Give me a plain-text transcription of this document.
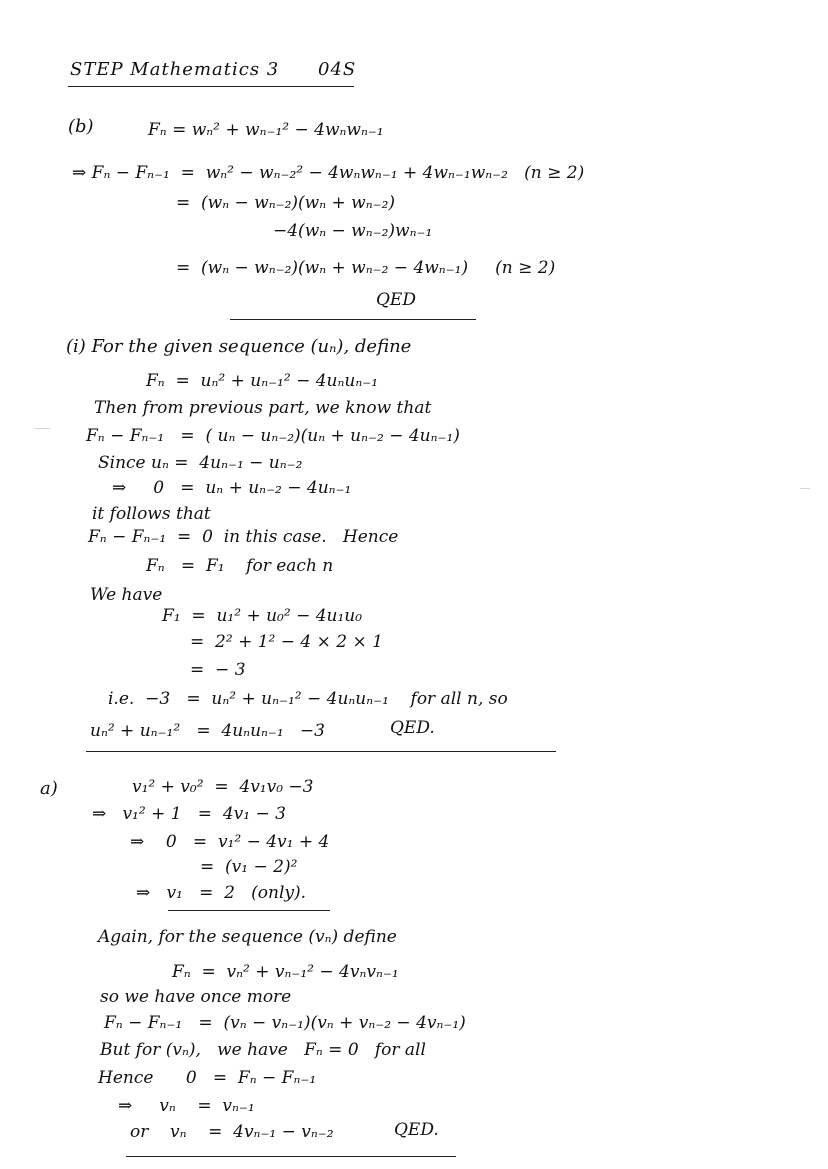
STEP Mathematics 3 04S
(b)	Fₙ = wₙ² + wₙ₋₁² − 4wₙwₙ₋₁
⇒ Fₙ − Fₙ₋₁  =  wₙ² − wₙ₋₂² − 4wₙwₙ₋₁ + 4wₙ₋₁wₙ₋₂   (n ≥ 2)
=  (wₙ − wₙ₋₂)(wₙ + wₙ₋₂)
−4(wₙ − wₙ₋₂)wₙ₋₁
=  (wₙ − wₙ₋₂)(wₙ + wₙ₋₂ − 4wₙ₋₁)     (n ≥ 2)
QED
(i) For the given sequence (uₙ), define
Fₙ  =  uₙ² + uₙ₋₁² − 4uₙuₙ₋₁
Then from previous part, we know that
Fₙ − Fₙ₋₁   =  ( uₙ − uₙ₋₂)(uₙ + uₙ₋₂ − 4uₙ₋₁)
Since uₙ =  4uₙ₋₁ − uₙ₋₂
⇒     0   =  uₙ + uₙ₋₂ − 4uₙ₋₁
it follows that
Fₙ − Fₙ₋₁  =  0  in this case.   Hence
Fₙ   =  F₁    for each n
We have
F₁  =  u₁² + u₀² − 4u₁u₀
=  2² + 1² − 4 × 2 × 1
=  − 3
i.e.  −3   =  uₙ² + uₙ₋₁² − 4uₙuₙ₋₁    for all n, so
uₙ² + uₙ₋₁²   =  4uₙuₙ₋₁   −3	QED.
a)	v₁² + v₀²  =  4v₁v₀ −3
⇒   v₁² + 1   =  4v₁ − 3
⇒    0   =  v₁² − 4v₁ + 4
=  (v₁ − 2)²
⇒   v₁   =  2   (only).
Again, for the sequence (vₙ) define
Fₙ  =  vₙ² + vₙ₋₁² − 4vₙvₙ₋₁
so we have once more
Fₙ − Fₙ₋₁   =  (vₙ − vₙ₋₁)(vₙ + vₙ₋₂ − 4vₙ₋₁)
But for (vₙ),   we have   Fₙ = 0   for all
Hence      0   =  Fₙ − Fₙ₋₁
⇒     vₙ    =  vₙ₋₁
or    vₙ    =  4vₙ₋₁ − vₙ₋₂	QED.
